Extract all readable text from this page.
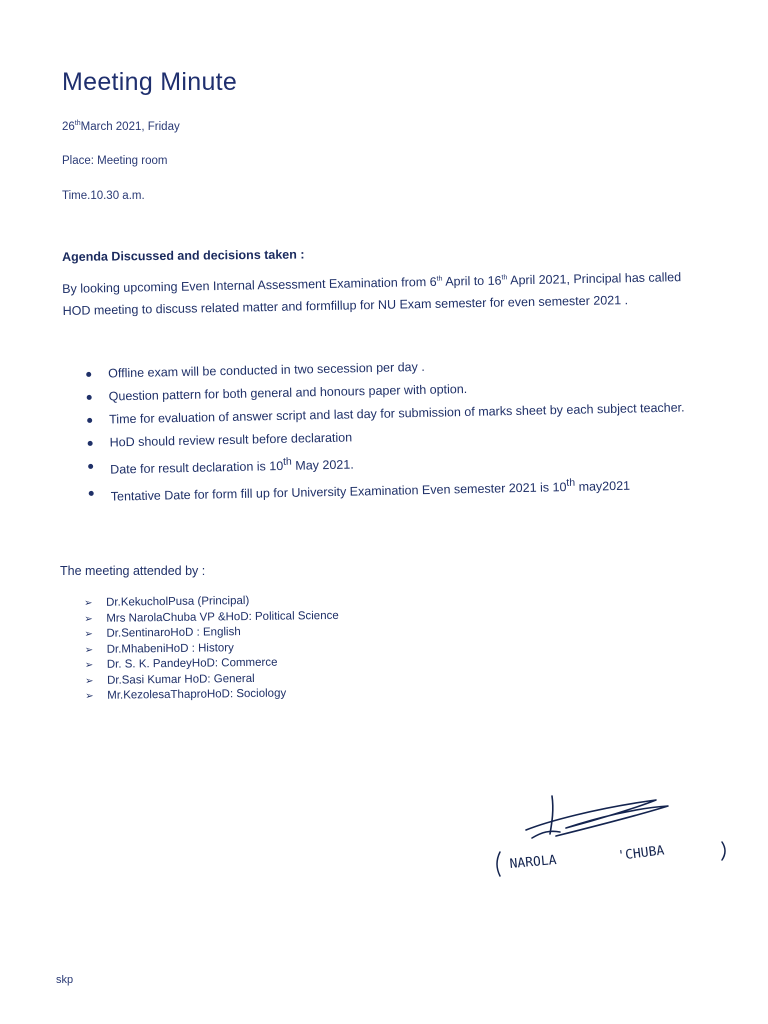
Meeting Minute
26thMarch 2021, Friday
Place: Meeting room
Time.10.30 a.m.
Agenda Discussed and decisions taken :
By looking upcoming Even Internal Assessment Examination from 6th April to 16th April 2021, Principal has called HOD meeting to discuss related matter and formfillup for NU Exam semester for even semester 2021 .
Offline exam will be conducted in two secession per day .
Question pattern for both general and honours paper with option.
Time for evaluation of answer script and last day for submission of marks sheet by each subject teacher.
HoD should review result before declaration
Date for result declaration is 10th May 2021.
Tentative Date for form fill up for University Examination Even semester 2021 is 10th may2021
The meeting attended by :
➢ Dr.KekucholPusa (Principal)
➢ Mrs NarolaChuba VP &HoD: Political Science
➢ Dr.SentinaroHoD : English
➢ Dr.MhabeniHoD : History
➢ Dr. S. K. PandeyHoD: Commerce
➢ Dr.Sasi Kumar HoD: General
➢ Mr.KezolesaThaproHoD: Sociology
NAROLA	'CHUBA
skp
